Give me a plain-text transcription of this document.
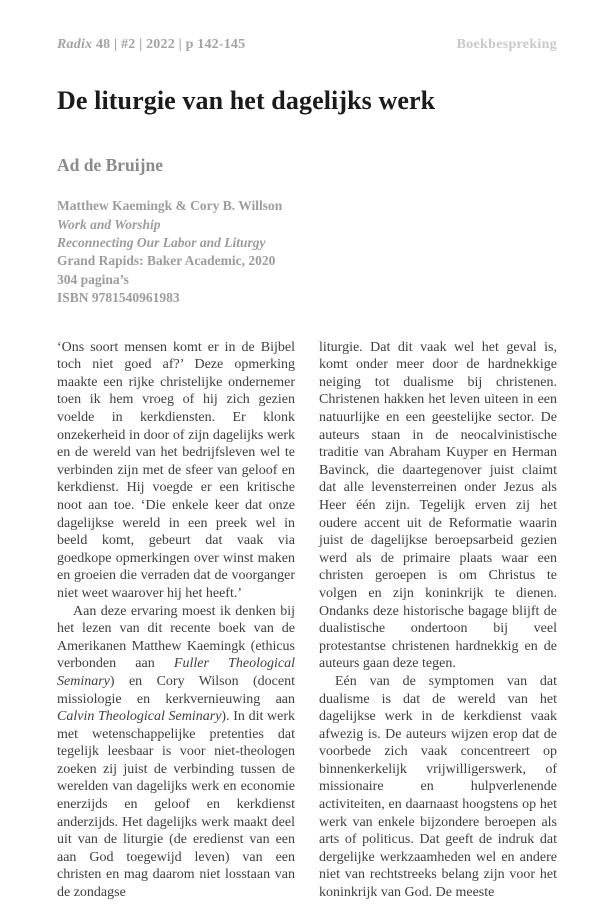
Radix 48 | #2 | 2022 | p 142-145	Boekbespreking
De liturgie van het dagelijks werk
Ad de Bruijne
Matthew Kaemingk & Cory B. Willson
Work and Worship
Reconnecting Our Labor and Liturgy
Grand Rapids: Baker Academic, 2020
304 pagina’s
ISBN 9781540961983

‘Ons soort mensen komt er in de Bijbel toch niet goed af?’ Deze opmerking maakte een rijke christelijke ondernemer toen ik hem vroeg of hij zich gezien voelde in kerkdiensten. Er klonk onzekerheid in door of zijn dagelijks werk en de wereld van het bedrijfsleven wel te verbinden zijn met de sfeer van geloof en kerkdienst. Hij voegde er een kritische noot aan toe. ‘Die enkele keer dat onze dagelijkse wereld in een preek wel in beeld komt, gebeurt dat vaak via goedkope opmerkingen over winst maken en groeien die verraden dat de voorganger niet weet waarover hij het heeft.’

Aan deze ervaring moest ik denken bij het lezen van dit recente boek van de Amerikanen Matthew Kaemingk (ethicus verbonden aan Fuller Theological Seminary) en Cory Wilson (docent missiologie en kerkvernieuwing aan Calvin Theological Seminary). In dit werk met wetenschappelijke pretenties dat tegelijk leesbaar is voor niet-theologen zoeken zij juist de verbinding tussen de werelden van dagelijks werk en economie enerzijds en geloof en kerkdienst anderzijds. Het dagelijks werk maakt deel uit van de liturgie (de eredienst van een aan God toegewijd leven) van een christen en mag daarom niet losstaan van de zondagse

liturgie. Dat dit vaak wel het geval is, komt onder meer door de hardnekkige neiging tot dualisme bij christenen. Christenen hakken het leven uiteen in een natuurlijke en een geestelijke sector. De auteurs staan in de neocalvinistische traditie van Abraham Kuyper en Herman Bavinck, die daartegenover juist claimt dat alle levensterreinen onder Jezus als Heer één zijn. Tegelijk erven zij het oudere accent uit de Reformatie waarin juist de dagelijkse beroepsarbeid gezien werd als de primaire plaats waar een christen geroepen is om Christus te volgen en zijn koninkrijk te dienen. Ondanks deze historische bagage blijft de dualistische ondertoon bij veel protestantse christenen hardnekkig en de auteurs gaan deze tegen.

Eén van de symptomen van dat dualisme is dat de wereld van het dagelijkse werk in de kerkdienst vaak afwezig is. De auteurs wijzen erop dat de voorbede zich vaak concentreert op binnenkerkelijk vrijwilligerswerk, of missionaire en hulpverlenende activiteiten, en daarnaast hoogstens op het werk van enkele bijzondere beroepen als arts of politicus. Dat geeft de indruk dat dergelijke werkzaamheden wel en andere niet van rechtstreeks belang zijn voor het koninkrijk van God. De meeste
